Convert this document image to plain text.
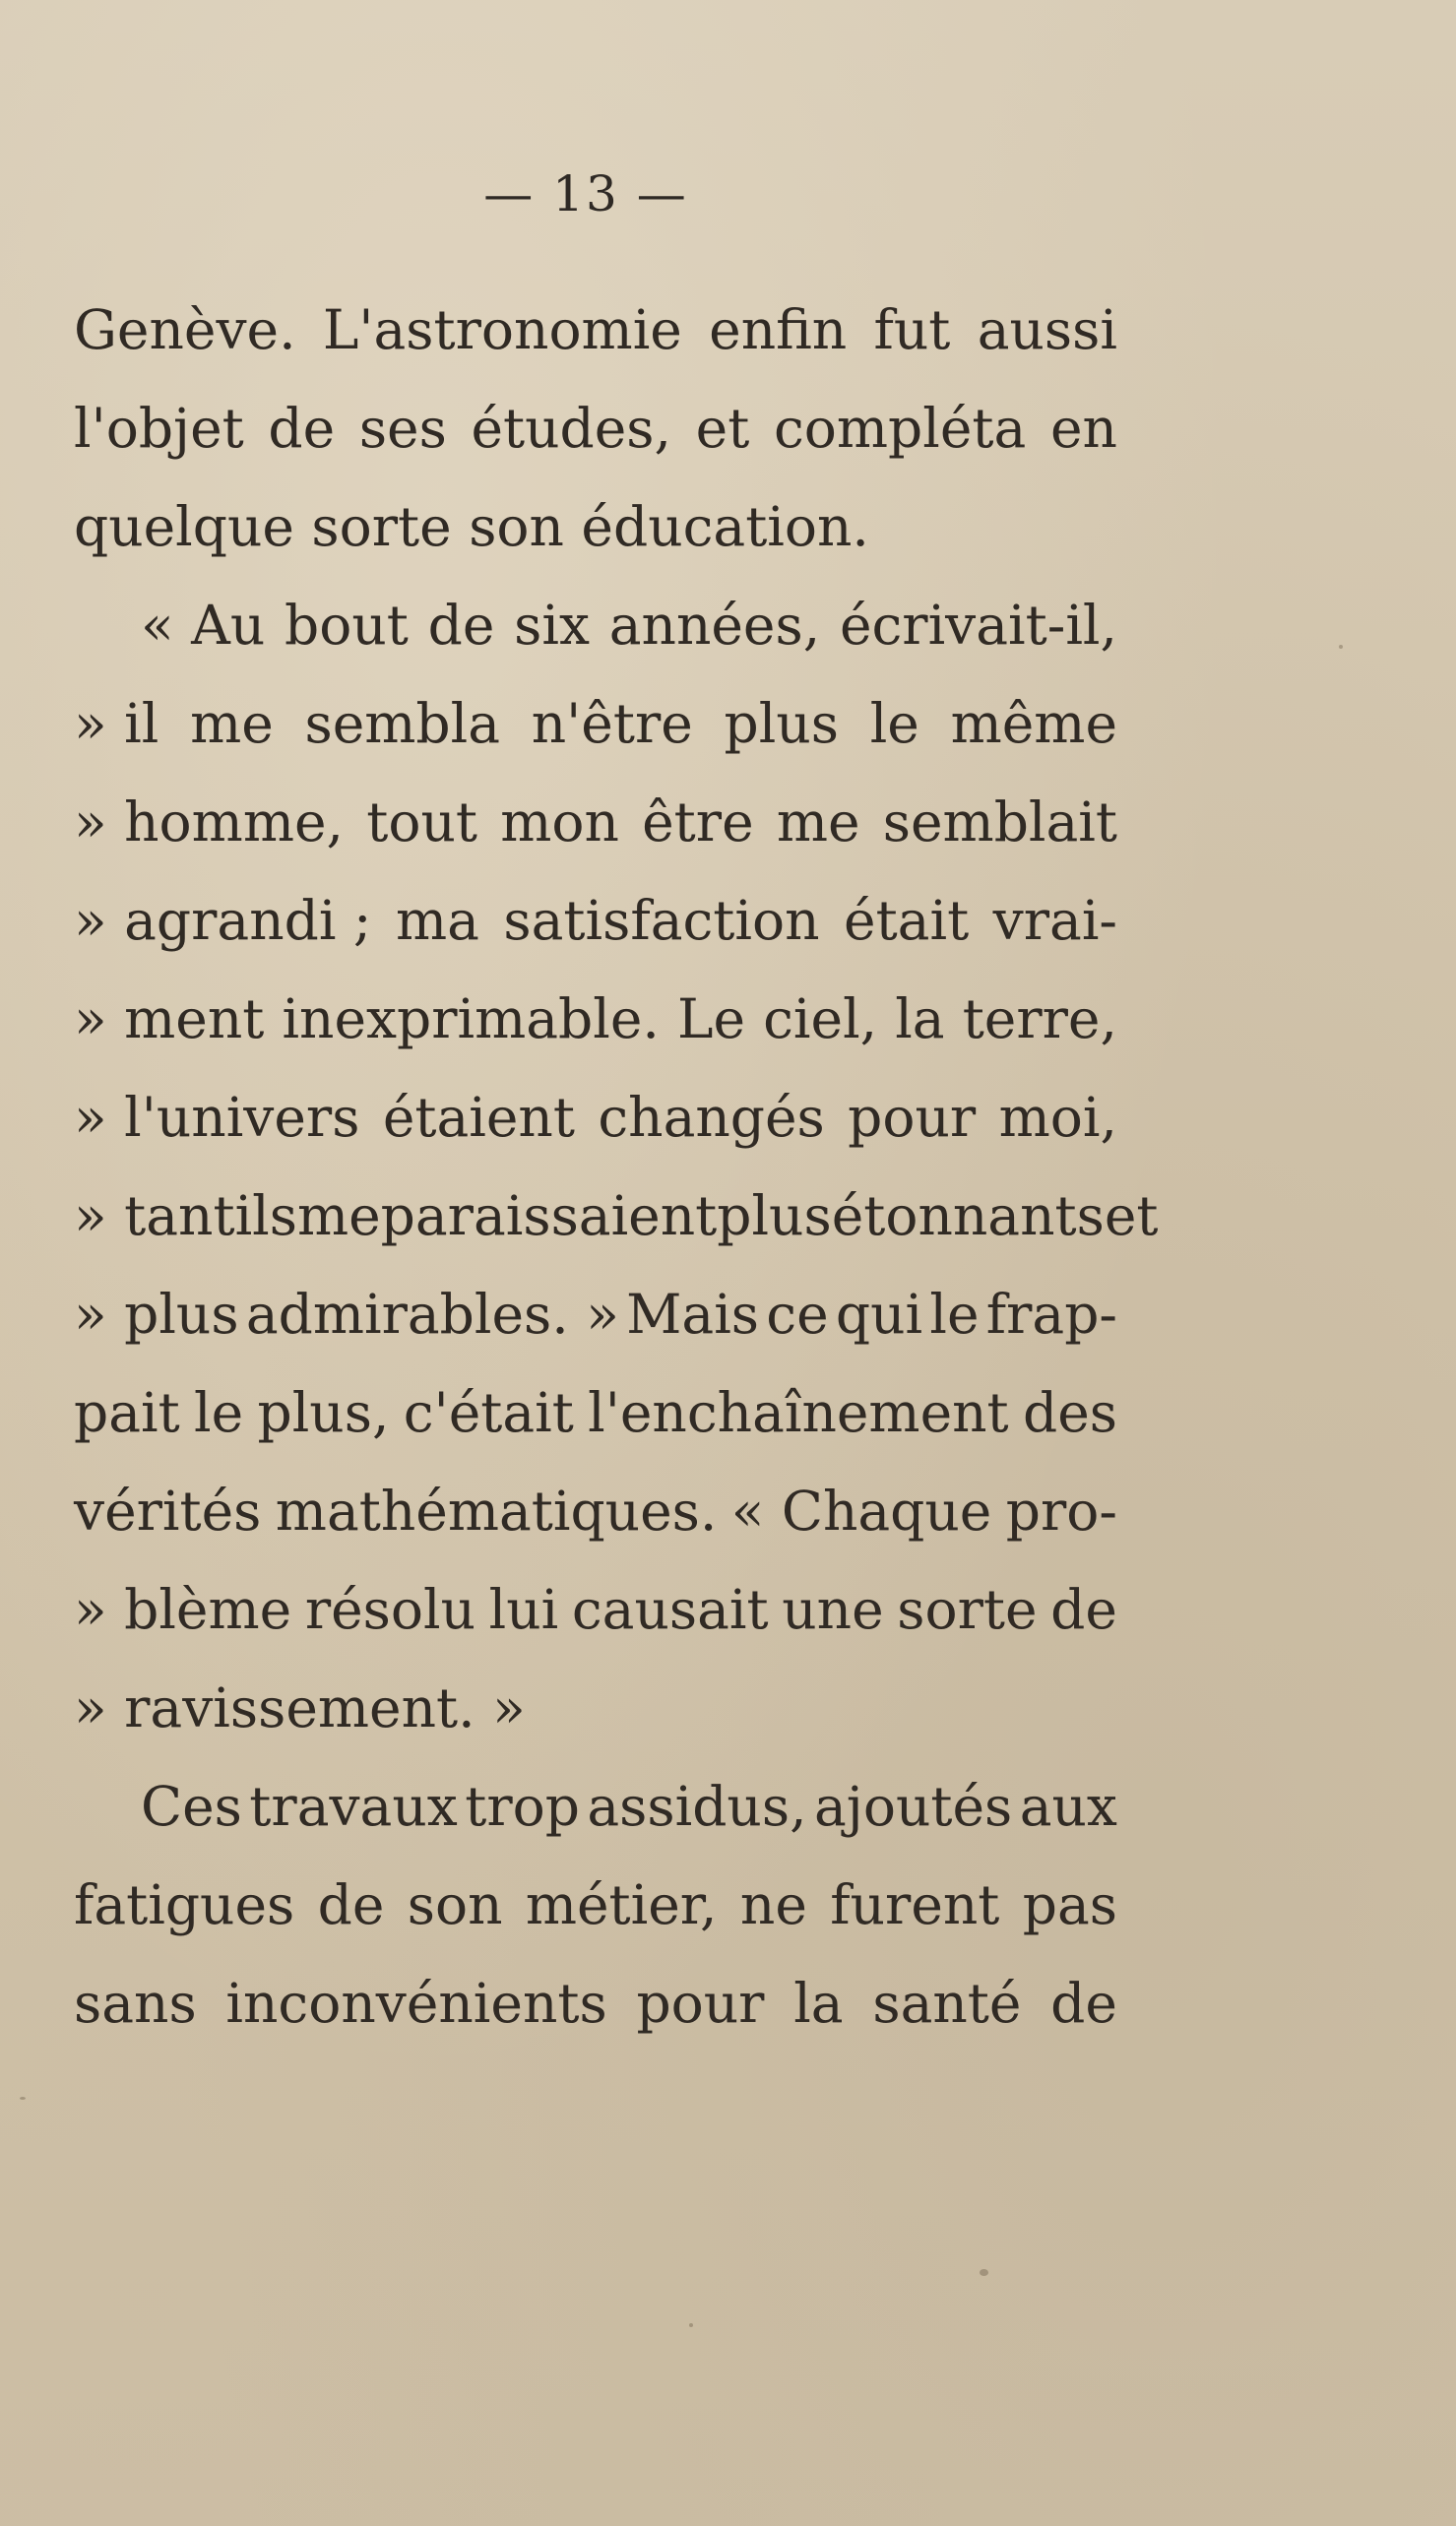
— 13 —
Genève. L'astronomie enfin fut aussi
l'objet de ses études, et compléta en
quelque sorte son éducation.
« Au bout de six années, écrivait-il,
» il me sembla n'être plus le même
» homme, tout mon être me semblait
» agrandi ; ma satisfaction était vrai-
» ment inexprimable. Le ciel, la terre,
» l'univers étaient changés pour moi,
» tant ils me paraissaient plus étonnants et
» plus admirables. » Mais ce qui le frap-
pait le plus, c'était l'enchaînement des
vérités mathématiques. « Chaque pro-
» blème résolu lui causait une sorte de
» ravissement. »
Ces travaux trop assidus, ajoutés aux
fatigues de son métier, ne furent pas
sans inconvénients pour la santé de
